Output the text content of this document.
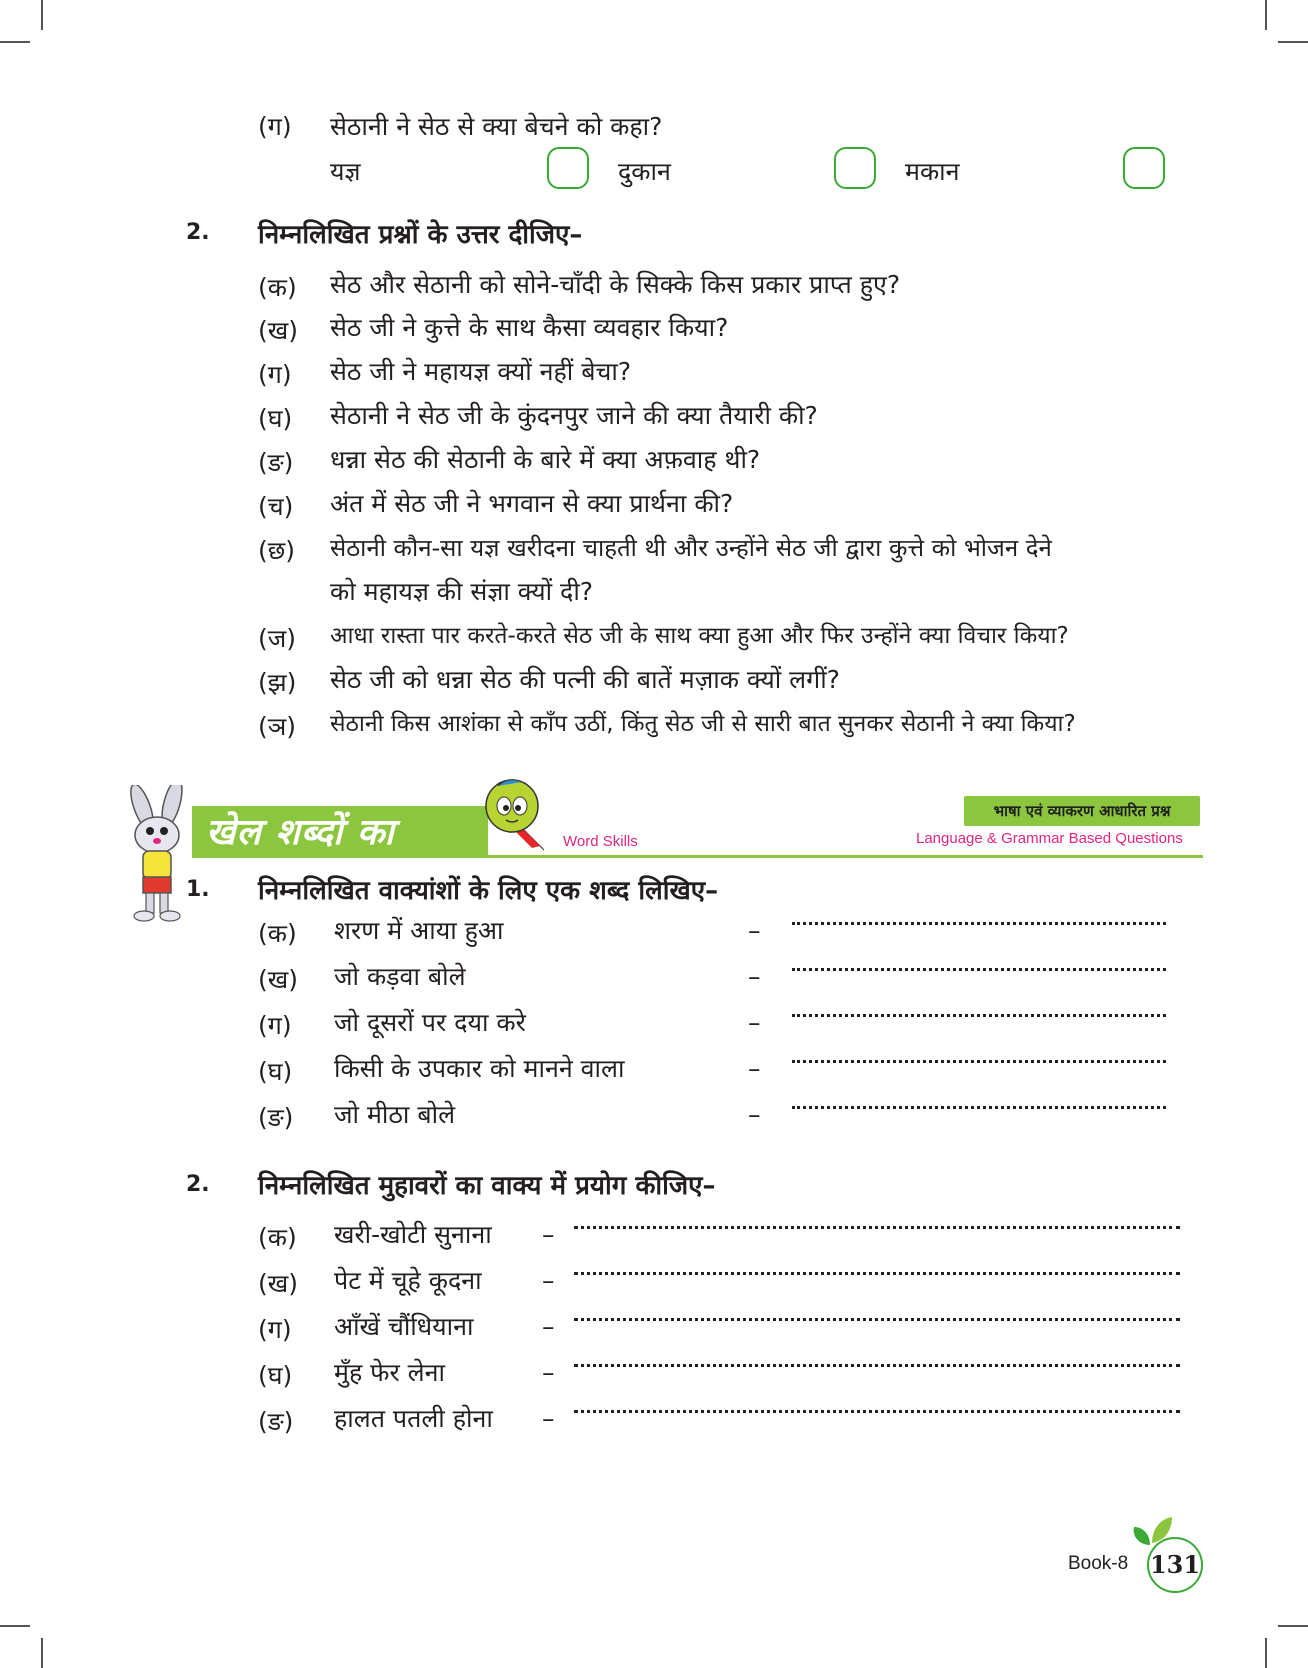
(ग) सेठानी ने सेठ से क्या बेचने को कहा?
यज्ञ	दुकान	मकान
2. निम्नलिखित प्रश्नों के उत्तर दीजिए–
(क) सेठ और सेठानी को सोने-चाँदी के सिक्के किस प्रकार प्राप्त हुए?
(ख) सेठ जी ने कुत्ते के साथ कैसा व्यवहार किया?
(ग) सेठ जी ने महायज्ञ क्यों नहीं बेचा?
(घ) सेठानी ने सेठ जी के कुंदनपुर जाने की क्या तैयारी की?
(ङ) धन्ना सेठ की सेठानी के बारे में क्या अफ़वाह थी?
(च) अंत में सेठ जी ने भगवान से क्या प्रार्थना की?
(छ) सेठानी कौन-सा यज्ञ खरीदना चाहती थी और उन्होंने सेठ जी द्वारा कुत्ते को भोजन देने
को महायज्ञ की संज्ञा क्यों दी?
(ज) आधा रास्ता पार करते-करते सेठ जी के साथ क्या हुआ और फिर उन्होंने क्या विचार किया?
(झ) सेठ जी को धन्ना सेठ की पत्नी की बातें मज़ाक क्यों लगीं?
(ञ) सेठानी किस आशंका से काँप उठीं, किंतु सेठ जी से सारी बात सुनकर सेठानी ने क्या किया?
खेल शब्दों का	Word Skills
भाषा एवं व्याकरण आधारित प्रश्न
Language & Grammar Based Questions
1. निम्नलिखित वाक्यांशों के लिए एक शब्द लिखिए–
(क) शरण में आया हुआ	–
(ख) जो कड़वा बोले	–
(ग) जो दूसरों पर दया करे	–
(घ) किसी के उपकार को मानने वाला	–
(ङ) जो मीठा बोले	–
2. निम्नलिखित मुहावरों का वाक्य में प्रयोग कीजिए–
(क) खरी-खोटी सुनाना –
(ख) पेट में चूहे कूदना –
(ग) आँखें चौंधियाना	–
(घ) मुँह फेर लेना	–
(ङ) हालत पतली होना –
Book-8 131
